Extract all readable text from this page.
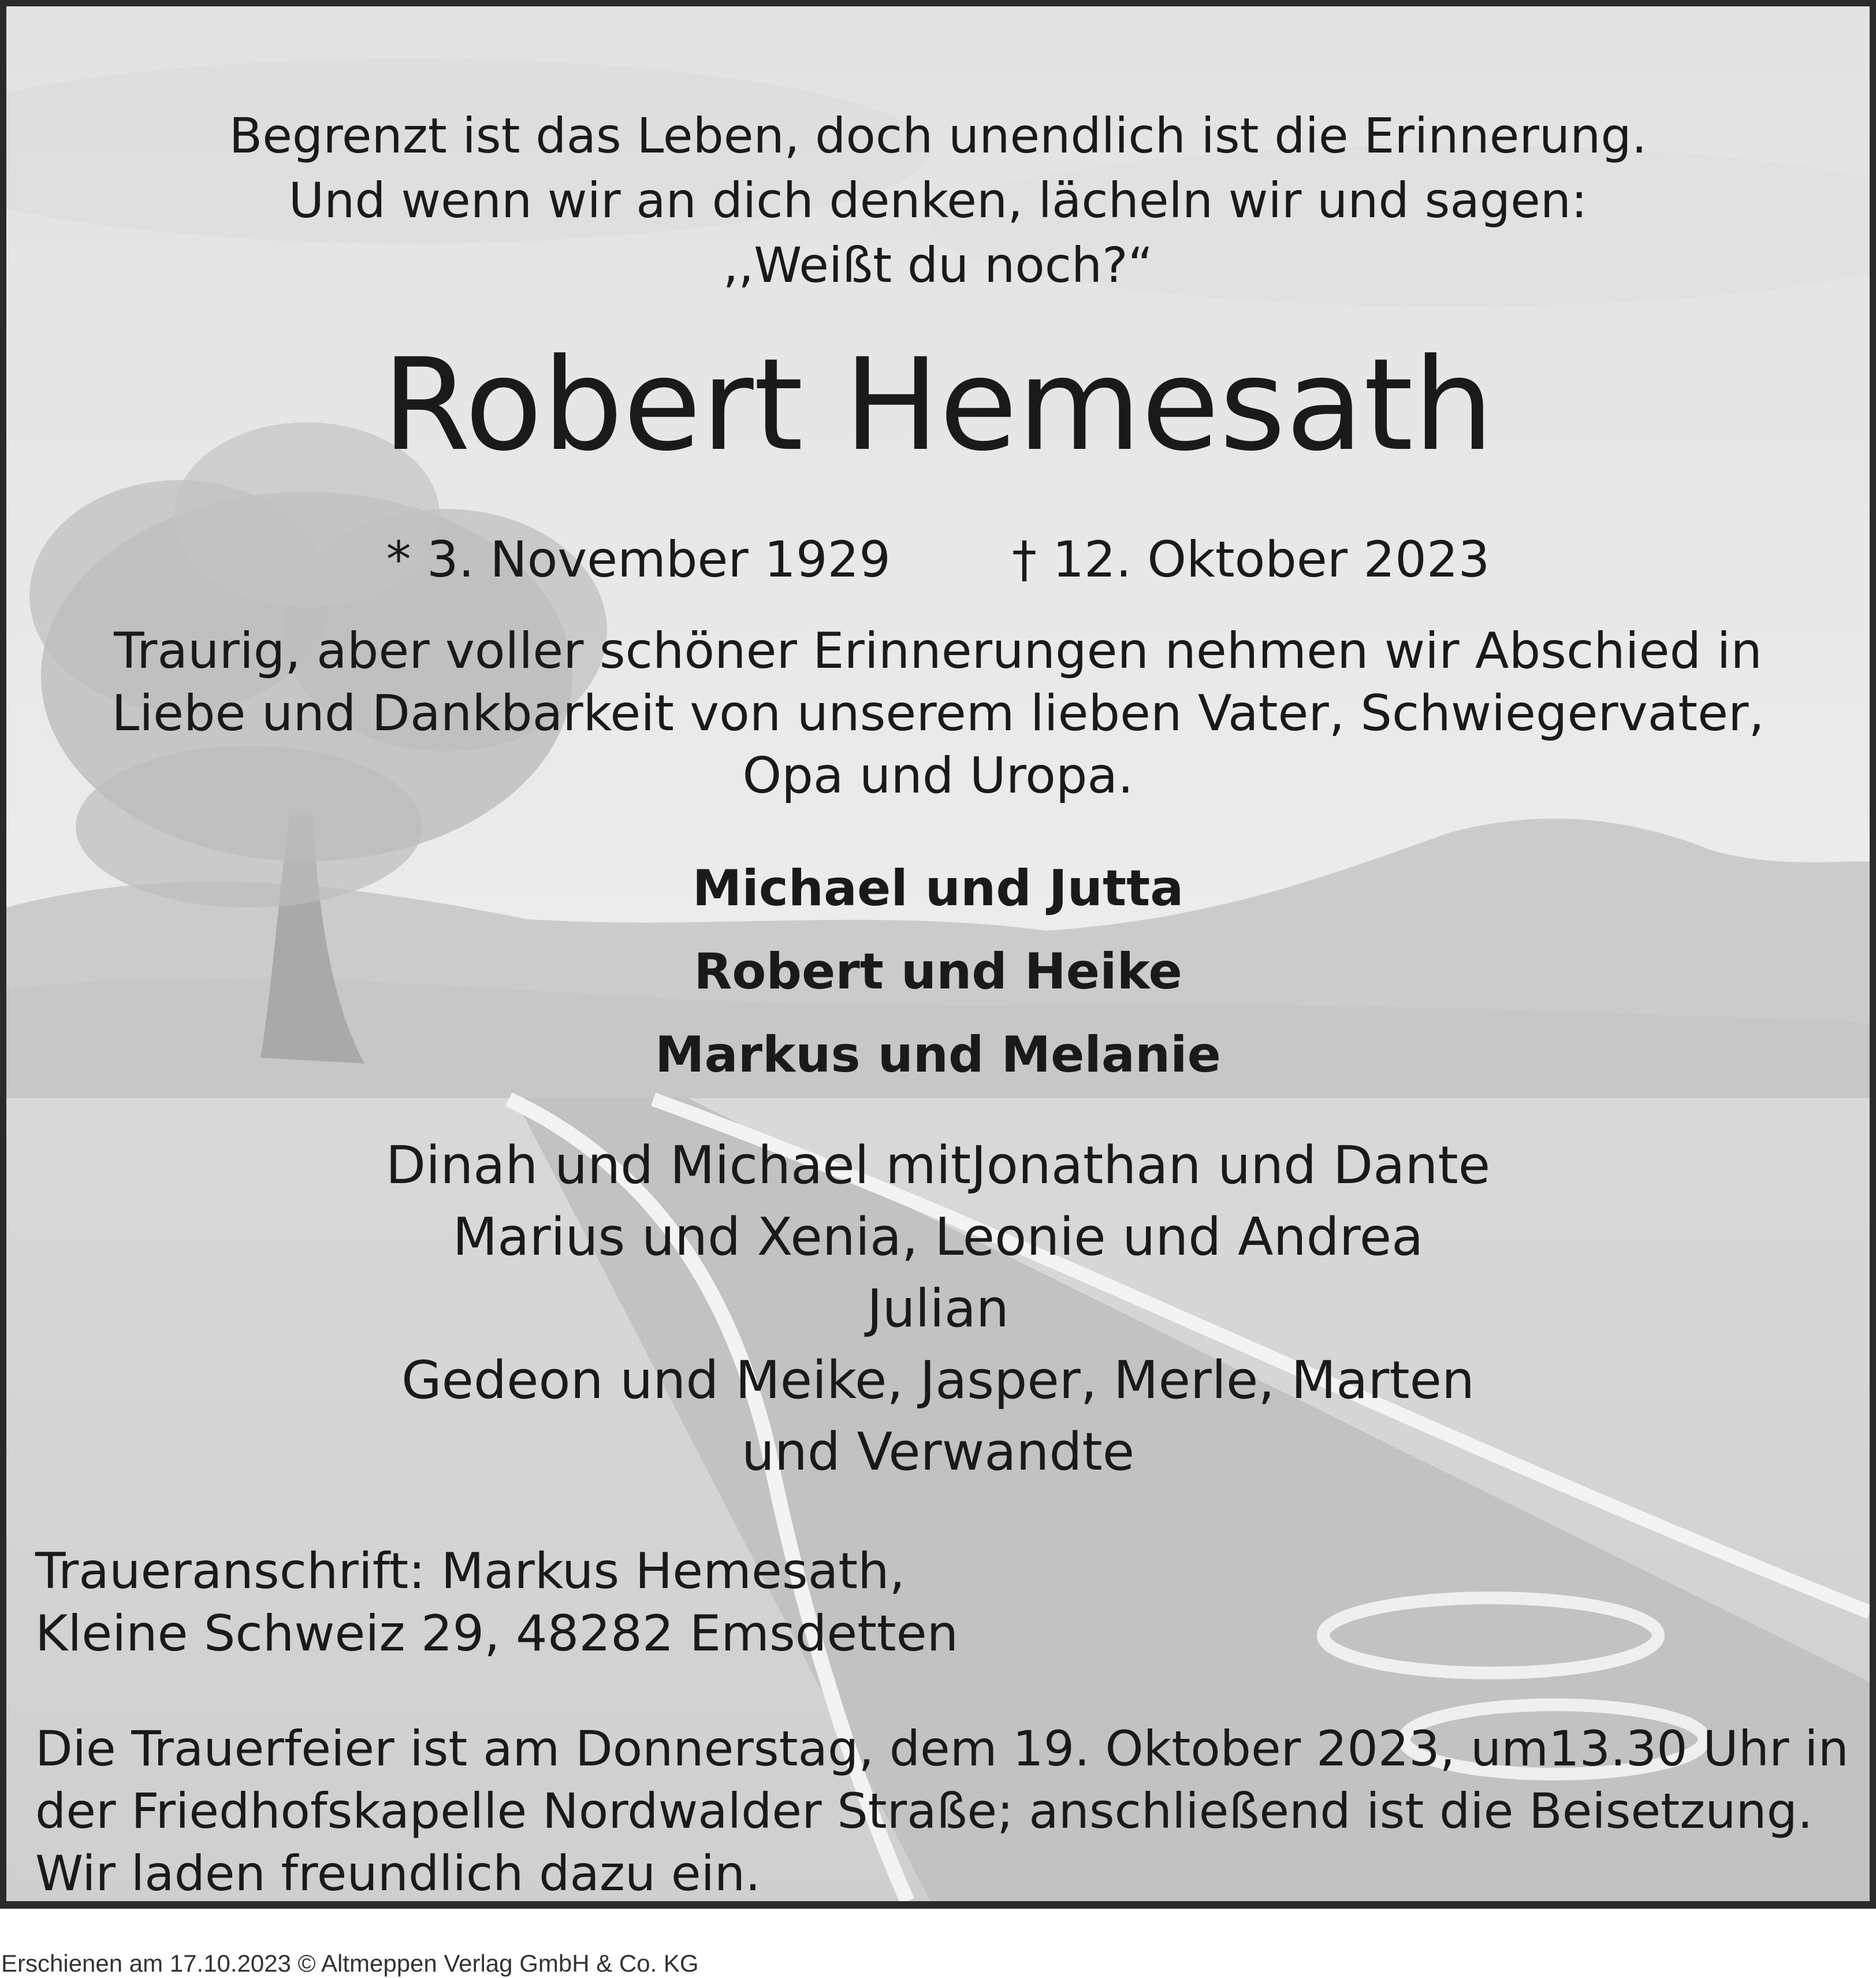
Begrenzt ist das Leben, doch unendlich ist die Erinnerung.
Und wenn wir an dich denken, lächeln wir und sagen:
,,Weißt du noch?“
Robert Hemesath
* 3. November 1929 † 12. Oktober 2023
Traurig, aber voller schöner Erinnerungen nehmen wir Abschied in
Liebe und Dankbarkeit von unserem lieben Vater, Schwiegervater,
Opa und Uropa.
Michael und Jutta
Robert und Heike
Markus und Melanie
Dinah und Michael mitJonathan und Dante
Marius und Xenia, Leonie und Andrea
Julian
Gedeon und Meike, Jasper, Merle, Marten
und Verwandte
Traueranschrift: Markus Hemesath,
Kleine Schweiz 29, 48282 Emsdetten
Die Trauerfeier ist am Donnerstag, dem 19. Oktober 2023, um13.30 Uhr in
der Friedhofskapelle Nordwalder Straße; anschließend ist die Beisetzung.
Wir laden freundlich dazu ein.
Erschienen am 17.10.2023 © Altmeppen Verlag GmbH & Co. KG
